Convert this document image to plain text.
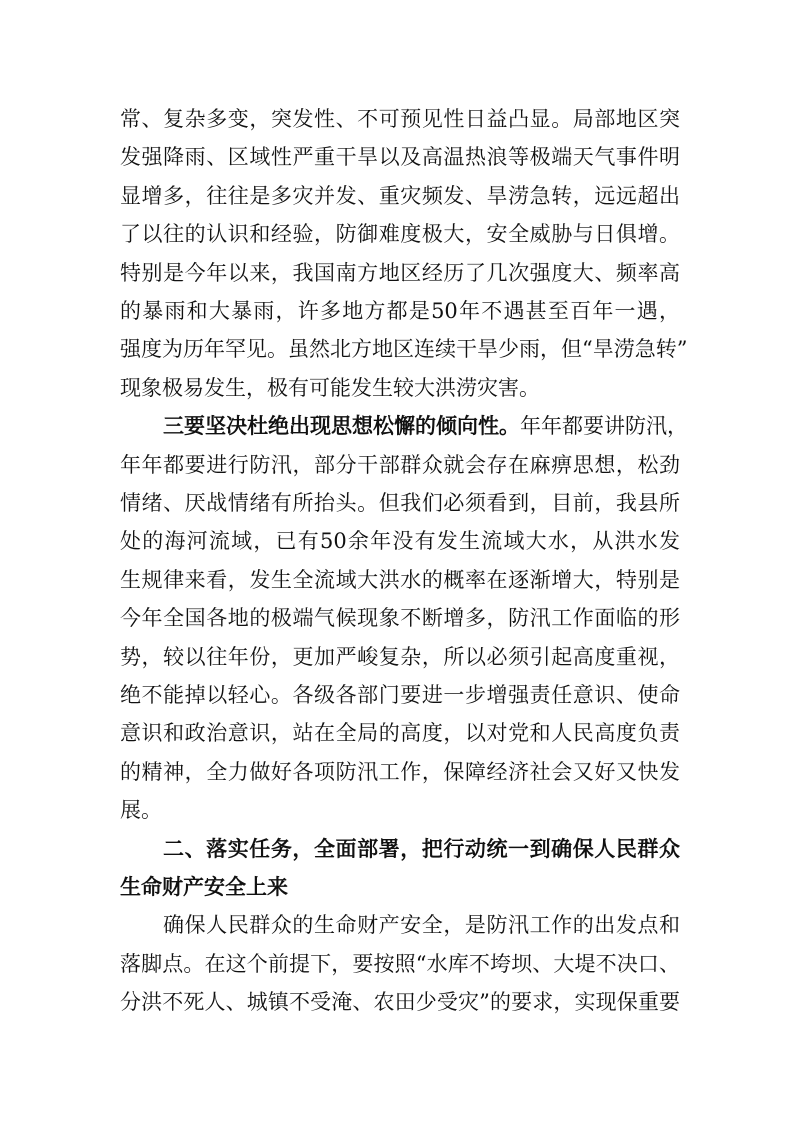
常、复杂多变，突发性、不可预见性日益凸显。局部地区突
发强降雨、区域性严重干旱以及高温热浪等极端天气事件明
显增多，往往是多灾并发、重灾频发、旱涝急转，远远超出
了以往的认识和经验，防御难度极大，安全威胁与日俱增。
特别是今年以来，我国南方地区经历了几次强度大、频率高
的暴雨和大暴雨，许多地方都是50年不遇甚至百年一遇，
强度为历年罕见。虽然北方地区连续干旱少雨，但“旱涝急转”
现象极易发生，极有可能发生较大洪涝灾害。
三要坚决杜绝出现思想松懈的倾向性。年年都要讲防汛，
年年都要进行防汛，部分干部群众就会存在麻痹思想，松劲
情绪、厌战情绪有所抬头。但我们必须看到，目前，我县所
处的海河流域，已有50余年没有发生流域大水，从洪水发
生规律来看，发生全流域大洪水的概率在逐渐增大，特别是
今年全国各地的极端气候现象不断增多，防汛工作面临的形
势，较以往年份，更加严峻复杂，所以必须引起高度重视，
绝不能掉以轻心。各级各部门要进一步增强责任意识、使命
意识和政治意识，站在全局的高度，以对党和人民高度负责
的精神，全力做好各项防汛工作，保障经济社会又好又快发
展。
二、落实任务，全面部署，把行动统一到确保人民群众
生命财产安全上来
确保人民群众的生命财产安全，是防汛工作的出发点和
落脚点。在这个前提下，要按照“水库不垮坝、大堤不决口、
分洪不死人、城镇不受淹、农田少受灾”的要求，实现保重要
